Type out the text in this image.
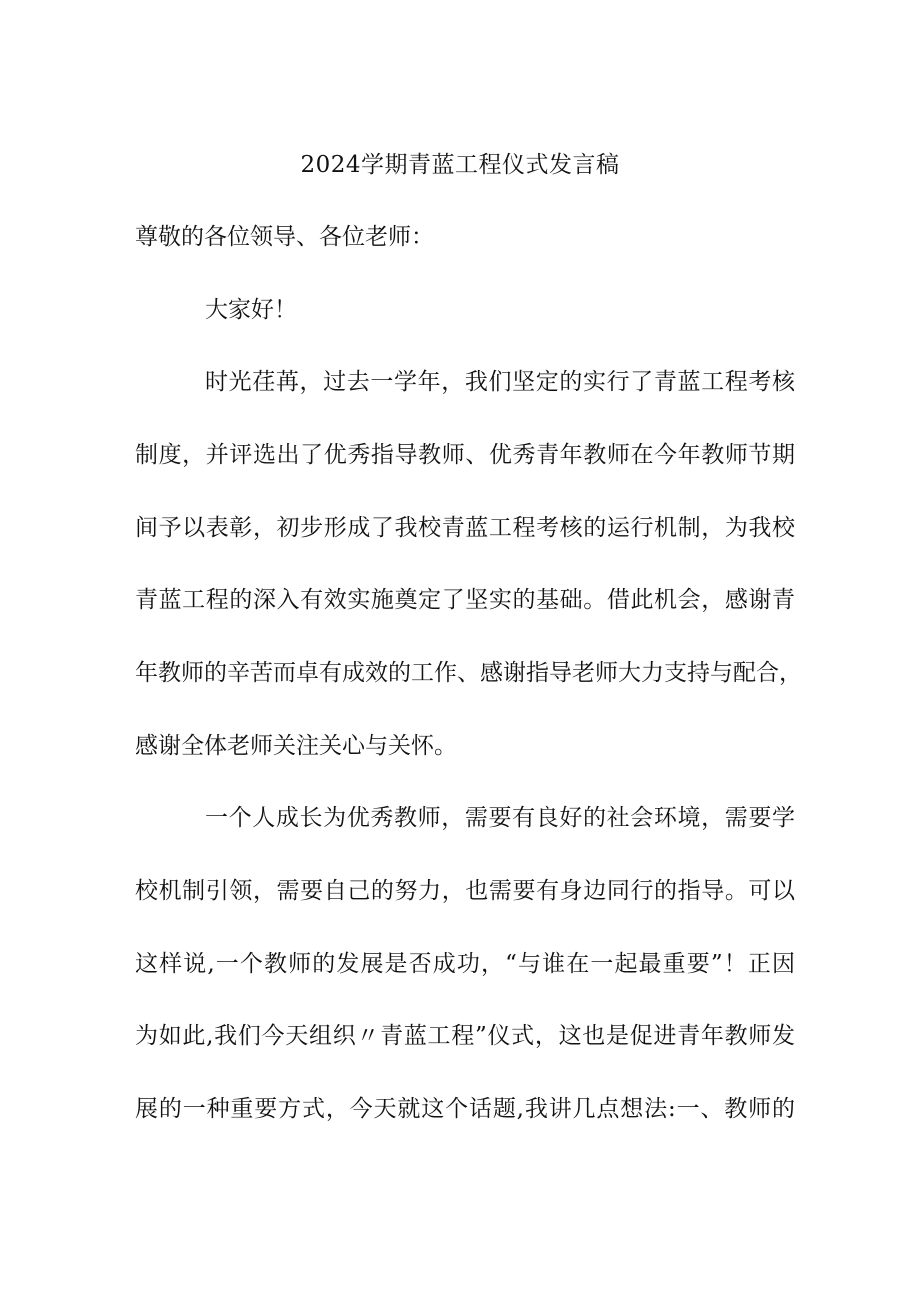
2024学期青蓝工程仪式发言稿
尊敬的各位领导、各位老师：
大家好！
时光荏苒，过去一学年，我们坚定的实行了青蓝工程考核
制度，并评选出了优秀指导教师、优秀青年教师在今年教师节期
间予以表彰，初步形成了我校青蓝工程考核的运行机制，为我校
青蓝工程的深入有效实施奠定了坚实的基础。借此机会，感谢青
年教师的辛苦而卓有成效的工作、感谢指导老师大力支持与配合，
感谢全体老师关注关心与关怀。
一个人成长为优秀教师，需要有良好的社会环境，需要学
校机制引领，需要自己的努力，也需要有身边同行的指导。可以
这样说,一个教师的发展是否成功，“与谁在一起最重要”！正因
为如此,我们今天组织〃青蓝工程”仪式，这也是促进青年教师发
展的一种重要方式，今天就这个话题,我讲几点想法:一、教师的
